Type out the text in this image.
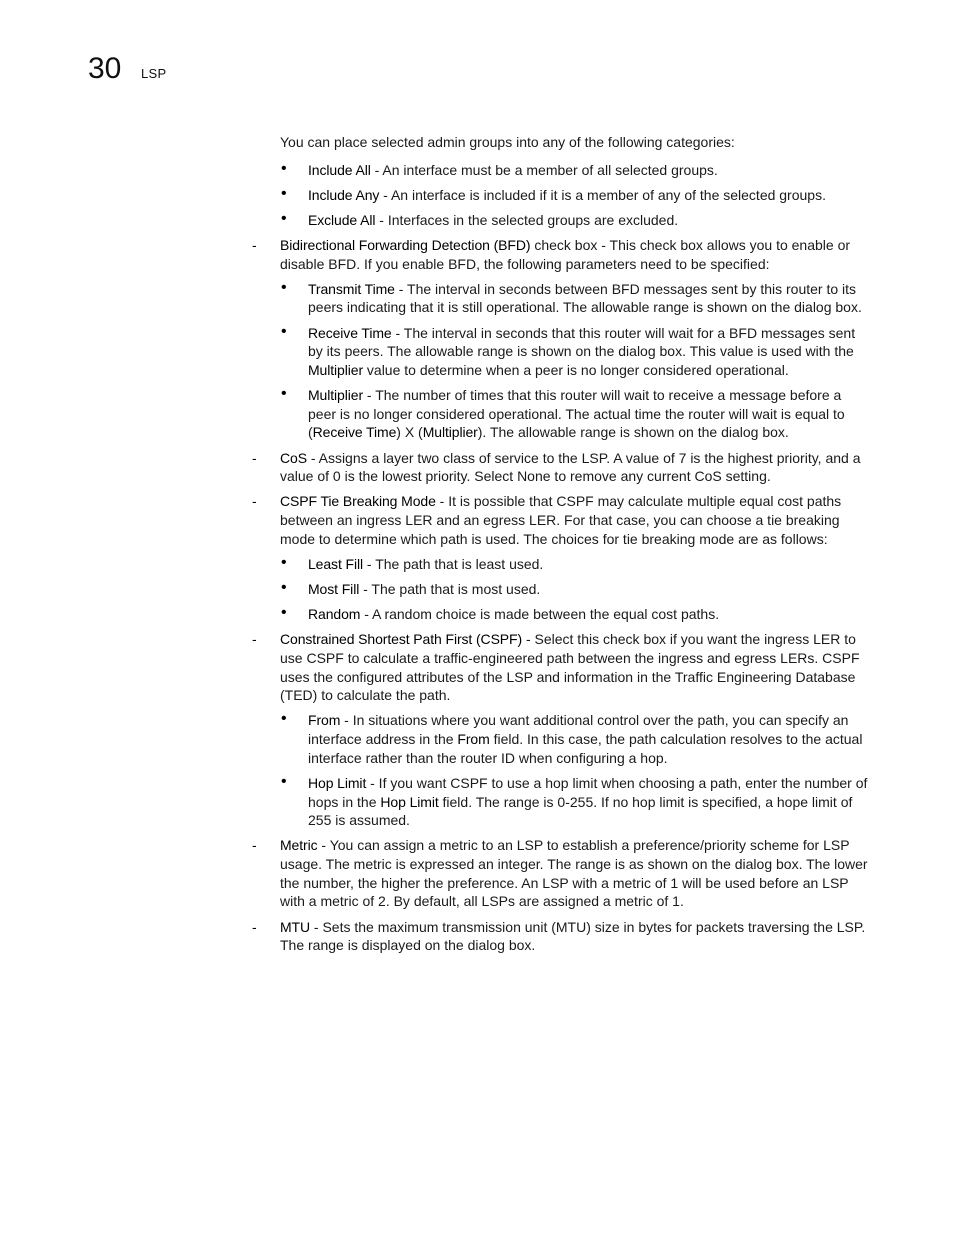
30 LSP

You can place selected admin groups into any of the following categories:

• Include All - An interface must be a member of all selected groups.
• Include Any - An interface is included if it is a member of any of the selected groups.
• Exclude All - Interfaces in the selected groups are excluded.

- Bidirectional Forwarding Detection (BFD) check box - This check box allows you to enable or disable BFD. If you enable BFD, the following parameters need to be specified:

• Transmit Time - The interval in seconds between BFD messages sent by this router to its peers indicating that it is still operational. The allowable range is shown on the dialog box.
• Receive Time - The interval in seconds that this router will wait for a BFD messages sent by its peers. The allowable range is shown on the dialog box. This value is used with the Multiplier value to determine when a peer is no longer considered operational.
• Multiplier - The number of times that this router will wait to receive a message before a peer is no longer considered operational. The actual time the router will wait is equal to (Receive Time) X (Multiplier). The allowable range is shown on the dialog box.

- CoS - Assigns a layer two class of service to the LSP. A value of 7 is the highest priority, and a value of 0 is the lowest priority. Select None to remove any current CoS setting.

- CSPF Tie Breaking Mode - It is possible that CSPF may calculate multiple equal cost paths between an ingress LER and an egress LER. For that case, you can choose a tie breaking mode to determine which path is used. The choices for tie breaking mode are as follows:

• Least Fill - The path that is least used.
• Most Fill - The path that is most used.
• Random - A random choice is made between the equal cost paths.

- Constrained Shortest Path First (CSPF) - Select this check box if you want the ingress LER to use CSPF to calculate a traffic-engineered path between the ingress and egress LERs. CSPF uses the configured attributes of the LSP and information in the Traffic Engineering Database (TED) to calculate the path.

• From - In situations where you want additional control over the path, you can specify an interface address in the From field. In this case, the path calculation resolves to the actual interface rather than the router ID when configuring a hop.
• Hop Limit - If you want CSPF to use a hop limit when choosing a path, enter the number of hops in the Hop Limit field. The range is 0-255. If no hop limit is specified, a hope limit of 255 is assumed.

- Metric - You can assign a metric to an LSP to establish a preference/priority scheme for LSP usage. The metric is expressed an integer. The range is as shown on the dialog box. The lower the number, the higher the preference. An LSP with a metric of 1 will be used before an LSP with a metric of 2. By default, all LSPs are assigned a metric of 1.

- MTU - Sets the maximum transmission unit (MTU) size in bytes for packets traversing the LSP. The range is displayed on the dialog box.
